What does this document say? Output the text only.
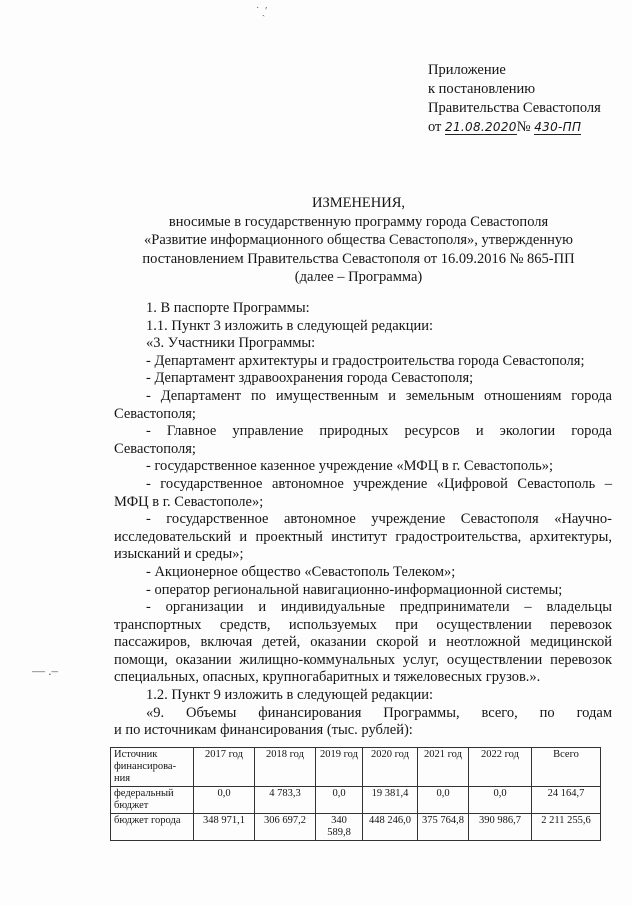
˙ ˏ′
— .–
Приложение
к постановлению
Правительства Севастополя
от 21.08.2020№ 430-ПП
ИЗМЕНЕНИЯ,
вносимые в государственную программу города Севастополя
«Развитие информационного общества Севастополя», утвержденную
постановлением Правительства Севастополя от 16.09.2016 № 865-ПП
(далее – Программа)

1. В паспорте Программы:

1.1. Пункт 3 изложить в следующей редакции:

«3. Участники Программы:

- Департамент архитектуры и градостроительства города Севастополя;

- Департамент здравоохранения города Севастополя;

- Департамент по имущественным и земельным отношениям города

Севастополя;

- Главное управление природных ресурсов и экологии города

Севастополя;

- государственное казенное учреждение «МФЦ в г. Севастополь»;

- государственное автономное учреждение «Цифровой Севастополь –

МФЦ в г. Севастополе»;

- государственное автономное учреждение Севастополя «Научно-

исследовательский и проектный институт градостроительства, архитектуры,

изысканий и среды»;

- Акционерное общество «Севастополь Телеком»;

- оператор региональной навигационно-информационной системы;

- организации и индивидуальные предприниматели – владельцы

транспортных средств, используемых при осуществлении перевозок

пассажиров, включая детей, оказании скорой и неотложной медицинской

помощи, оказании жилищно-коммунальных услуг, осуществлении перевозок

специальных, опасных, крупногабаритных и тяжеловесных грузов.».

1.2. Пункт 9 изложить в следующей редакции:

«9. Объемы финансирования Программы, всего, по годам

и по источникам финансирования (тыс. рублей):

Источник финансирова-ния	2017 год	2018 год	2019 год	2020 год	2021 год	2022 год	Всего
федеральный бюджет	0,0	4 783,3	0,0	19 381,4	0,0	0,0	24 164,7
бюджет города	348 971,1	306 697,2	340 589,8	448 246,0	375 764,8	390 986,7	2 211 255,6
